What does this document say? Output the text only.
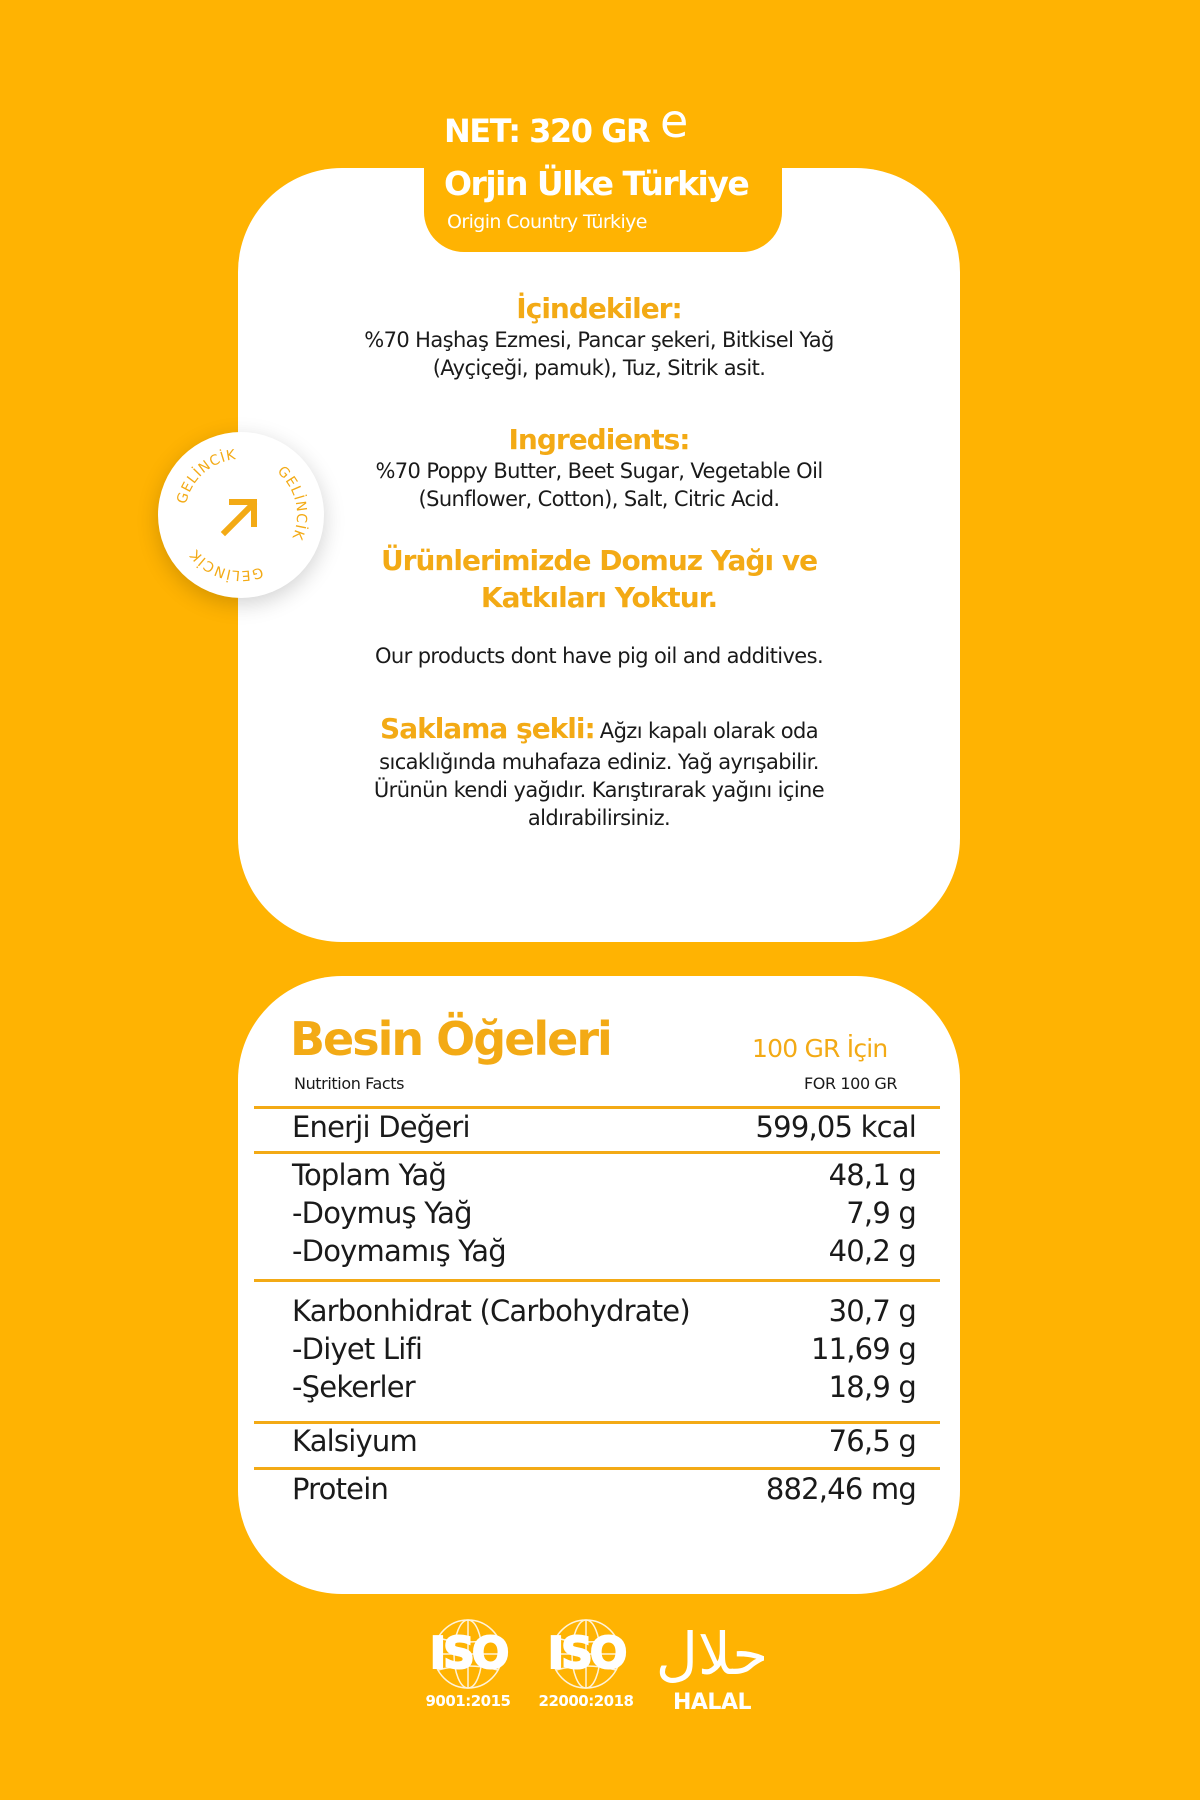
NET: 320 GR e
Orjin Ülke Türkiye
Origin Country Türkiye
İçindekiler:
%70 Haşhaş Ezmesi, Pancar şekeri, Bitkisel Yağ
(Ayçiçeği, pamuk), Tuz, Sitrik asit.
Ingredients:
%70 Poppy Butter, Beet Sugar, Vegetable Oil
(Sunflower, Cotton), Salt, Citric Acid.
Ürünlerimizde Domuz Yağı ve
Katkıları Yoktur.
Our products dont have pig oil and additives.
Saklama şekli: Ağzı kapalı olarak oda
sıcaklığında muhafaza ediniz. Yağ ayrışabilir.
Ürünün kendi yağıdır. Karıştırarak yağını içine
aldırabilirsiniz.
GELİNCİK
GELİNCİK
GELİNCİK
Besin Öğeleri
Nutrition Facts
100 GR İçin
FOR 100 GR
Enerji Değeri	599,05 kcal
Toplam Yağ	48,1 g
-Doymuş Yağ	7,9 g
-Doymamış Yağ	40,2 g
Karbonhidrat (Carbohydrate)	30,7 g
-Diyet Lifi	11,69 g
-Şekerler	18,9 g
Kalsiyum	76,5 g
Protein	882,46 mg
ISO
9001:2015
ISO
22000:2018
حلال
HALAL
